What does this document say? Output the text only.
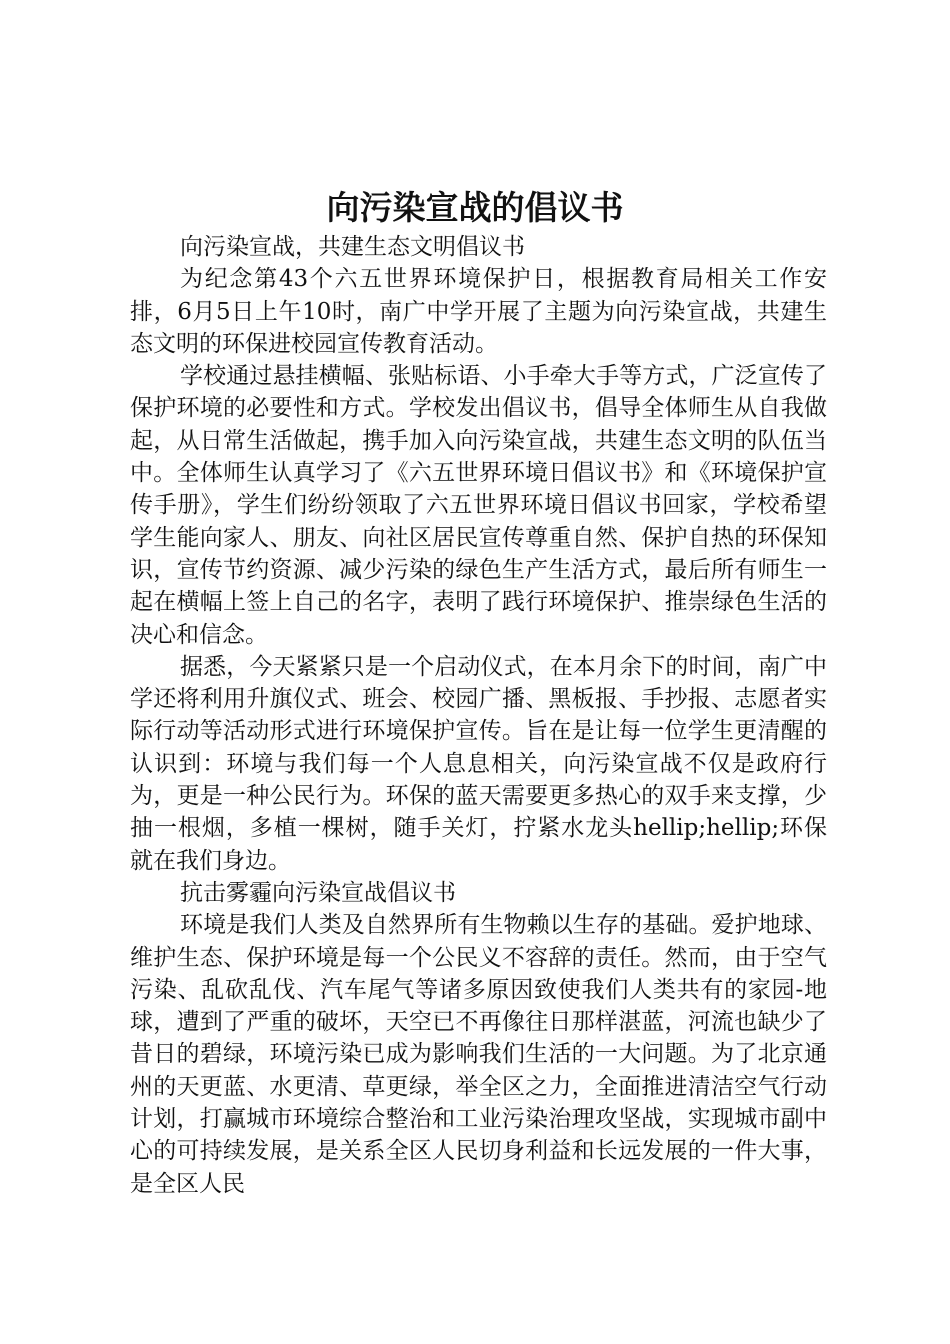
向污染宣战的倡议书

向污染宣战，共建生态文明倡议书

为纪念第43个六五世界环境保护日，根据教育局相关工作安排，6月5日上午10时，南广中学开展了主题为向污染宣战，共建生态文明的环保进校园宣传教育活动。

学校通过悬挂横幅、张贴标语、小手牵大手等方式，广泛宣传了保护环境的必要性和方式。学校发出倡议书，倡导全体师生从自我做起，从日常生活做起，携手加入向污染宣战，共建生态文明的队伍当中。全体师生认真学习了《六五世界环境日倡议书》和《环境保护宣传手册》，学生们纷纷领取了六五世界环境日倡议书回家，学校希望学生能向家人、朋友、向社区居民宣传尊重自然、保护自热的环保知识，宣传节约资源、减少污染的绿色生产生活方式，最后所有师生一起在横幅上签上自己的名字，表明了践行环境保护、推崇绿色生活的决心和信念。

据悉，今天紧紧只是一个启动仪式，在本月余下的时间，南广中学还将利用升旗仪式、班会、校园广播、黑板报、手抄报、志愿者实际行动等活动形式进行环境保护宣传。旨在是让每一位学生更清醒的认识到：环境与我们每一个人息息相关，向污染宣战不仅是政府行为，更是一种公民行为。环保的蓝天需要更多热心的双手来支撑，少抽一根烟，多植一棵树，随手关灯，拧紧水龙头hellip;hellip;环保就在我们身边。

抗击雾霾向污染宣战倡议书

环境是我们人类及自然界所有生物赖以生存的基础。爱护地球、维护生态、保护环境是每一个公民义不容辞的责任。然而，由于空气污染、乱砍乱伐、汽车尾气等诸多原因致使我们人类共有的家园-地球，遭到了严重的破坏，天空已不再像往日那样湛蓝，河流也缺少了昔日的碧绿，环境污染已成为影响我们生活的一大问题。为了北京通州的天更蓝、水更清、草更绿，举全区之力，全面推进清洁空气行动计划，打赢城市环境综合整治和工业污染治理攻坚战，实现城市副中心的可持续发展，是关系全区人民切身利益和长远发展的一件大事，是全区人民
